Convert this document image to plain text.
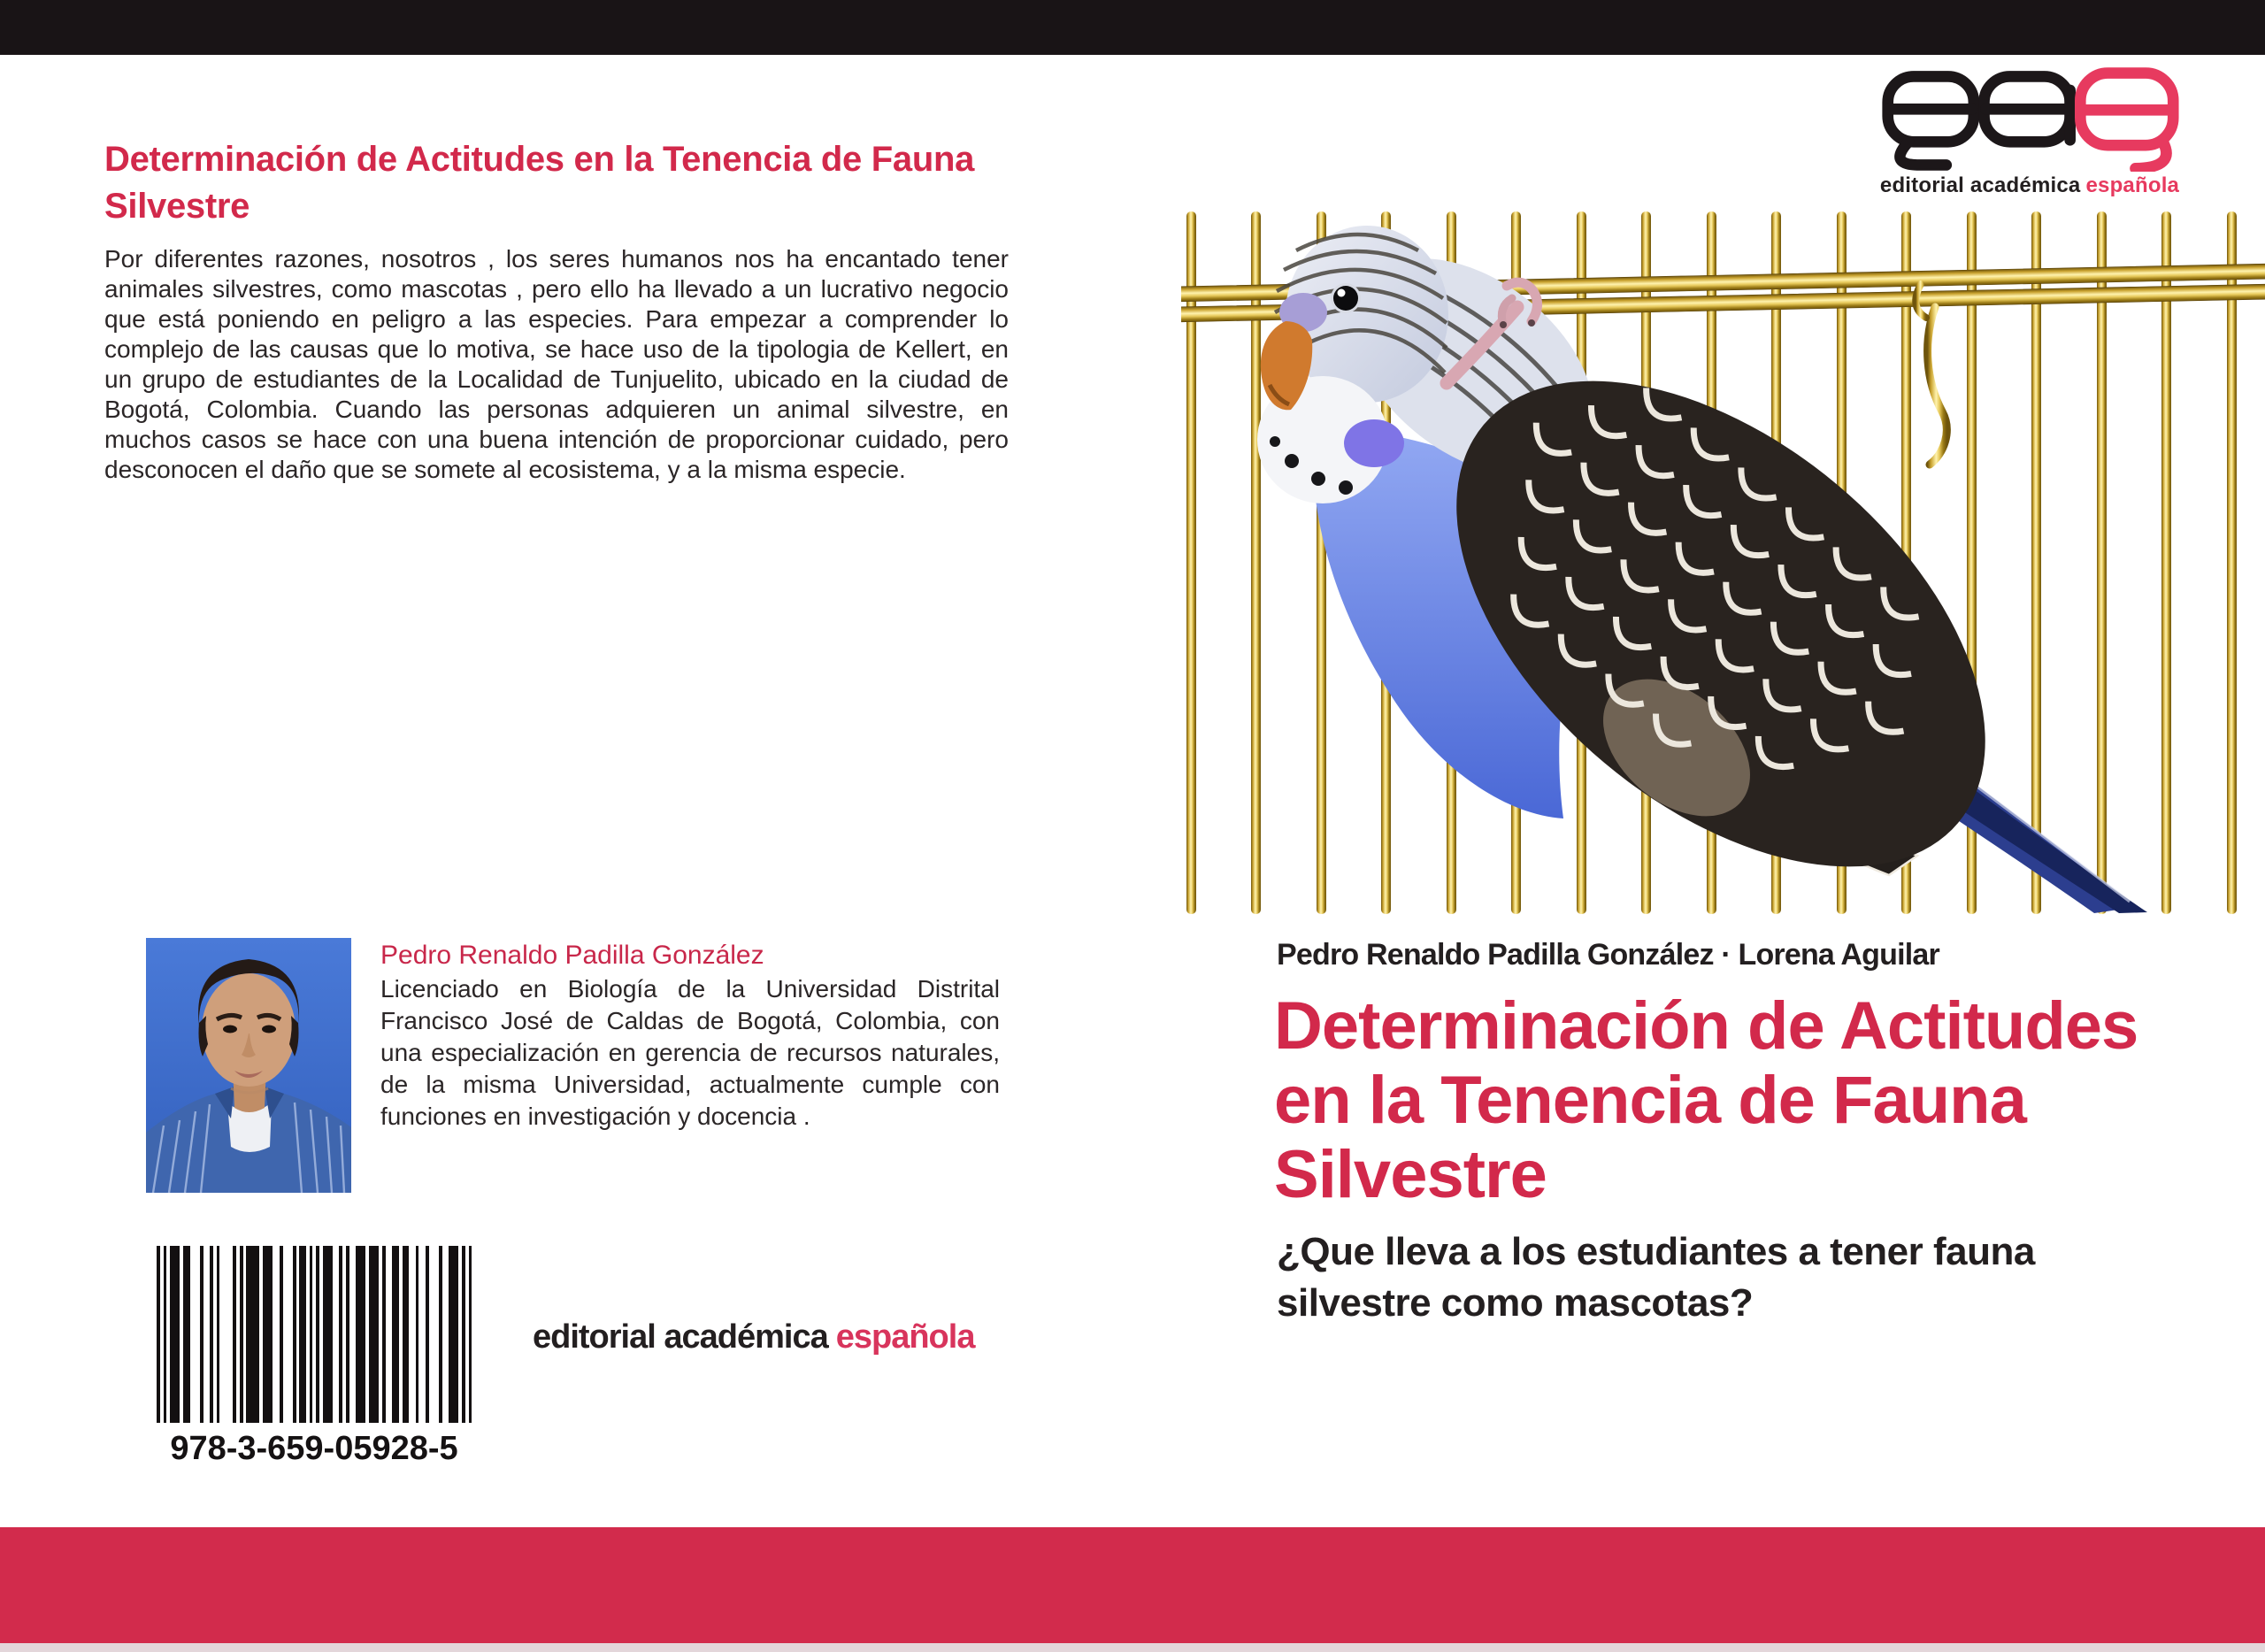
Determinación de Actitudes en la Tenencia de Fauna Silvestre

Por diferentes razones, nosotros , los seres humanos nos ha encantado tener animales silvestres, como mascotas , pero ello ha llevado a un lucrativo negocio que está poniendo en peligro a las especies. Para empezar a comprender lo complejo de las causas que lo motiva, se hace uso de la tipologia de Kellert, en un grupo de estudiantes de la Localidad de Tunjuelito, ubicado en la ciudad de Bogotá, Colombia. Cuando las personas adquieren un animal silvestre, en muchos casos se hace con una buena intención de proporcionar cuidado, pero desconocen el daño que se somete al ecosistema, y a la misma especie.

Pedro Renaldo Padilla González
Licenciado en Biología de la Universidad Distrital Francisco José de Caldas de Bogotá, Colombia, con una especialización en gerencia de recursos naturales, de la misma Universidad, actualmente cumple con funciones en investigación y docencia .
978-3-659-05928-5
editorial académica española
Pedro Renaldo Padilla González · Lorena Aguilar
Determinación de Actitudes en la Tenencia de Fauna Silvestre
¿Que lleva a los estudiantes a tener fauna silvestre como mascotas?
editorial académica española
